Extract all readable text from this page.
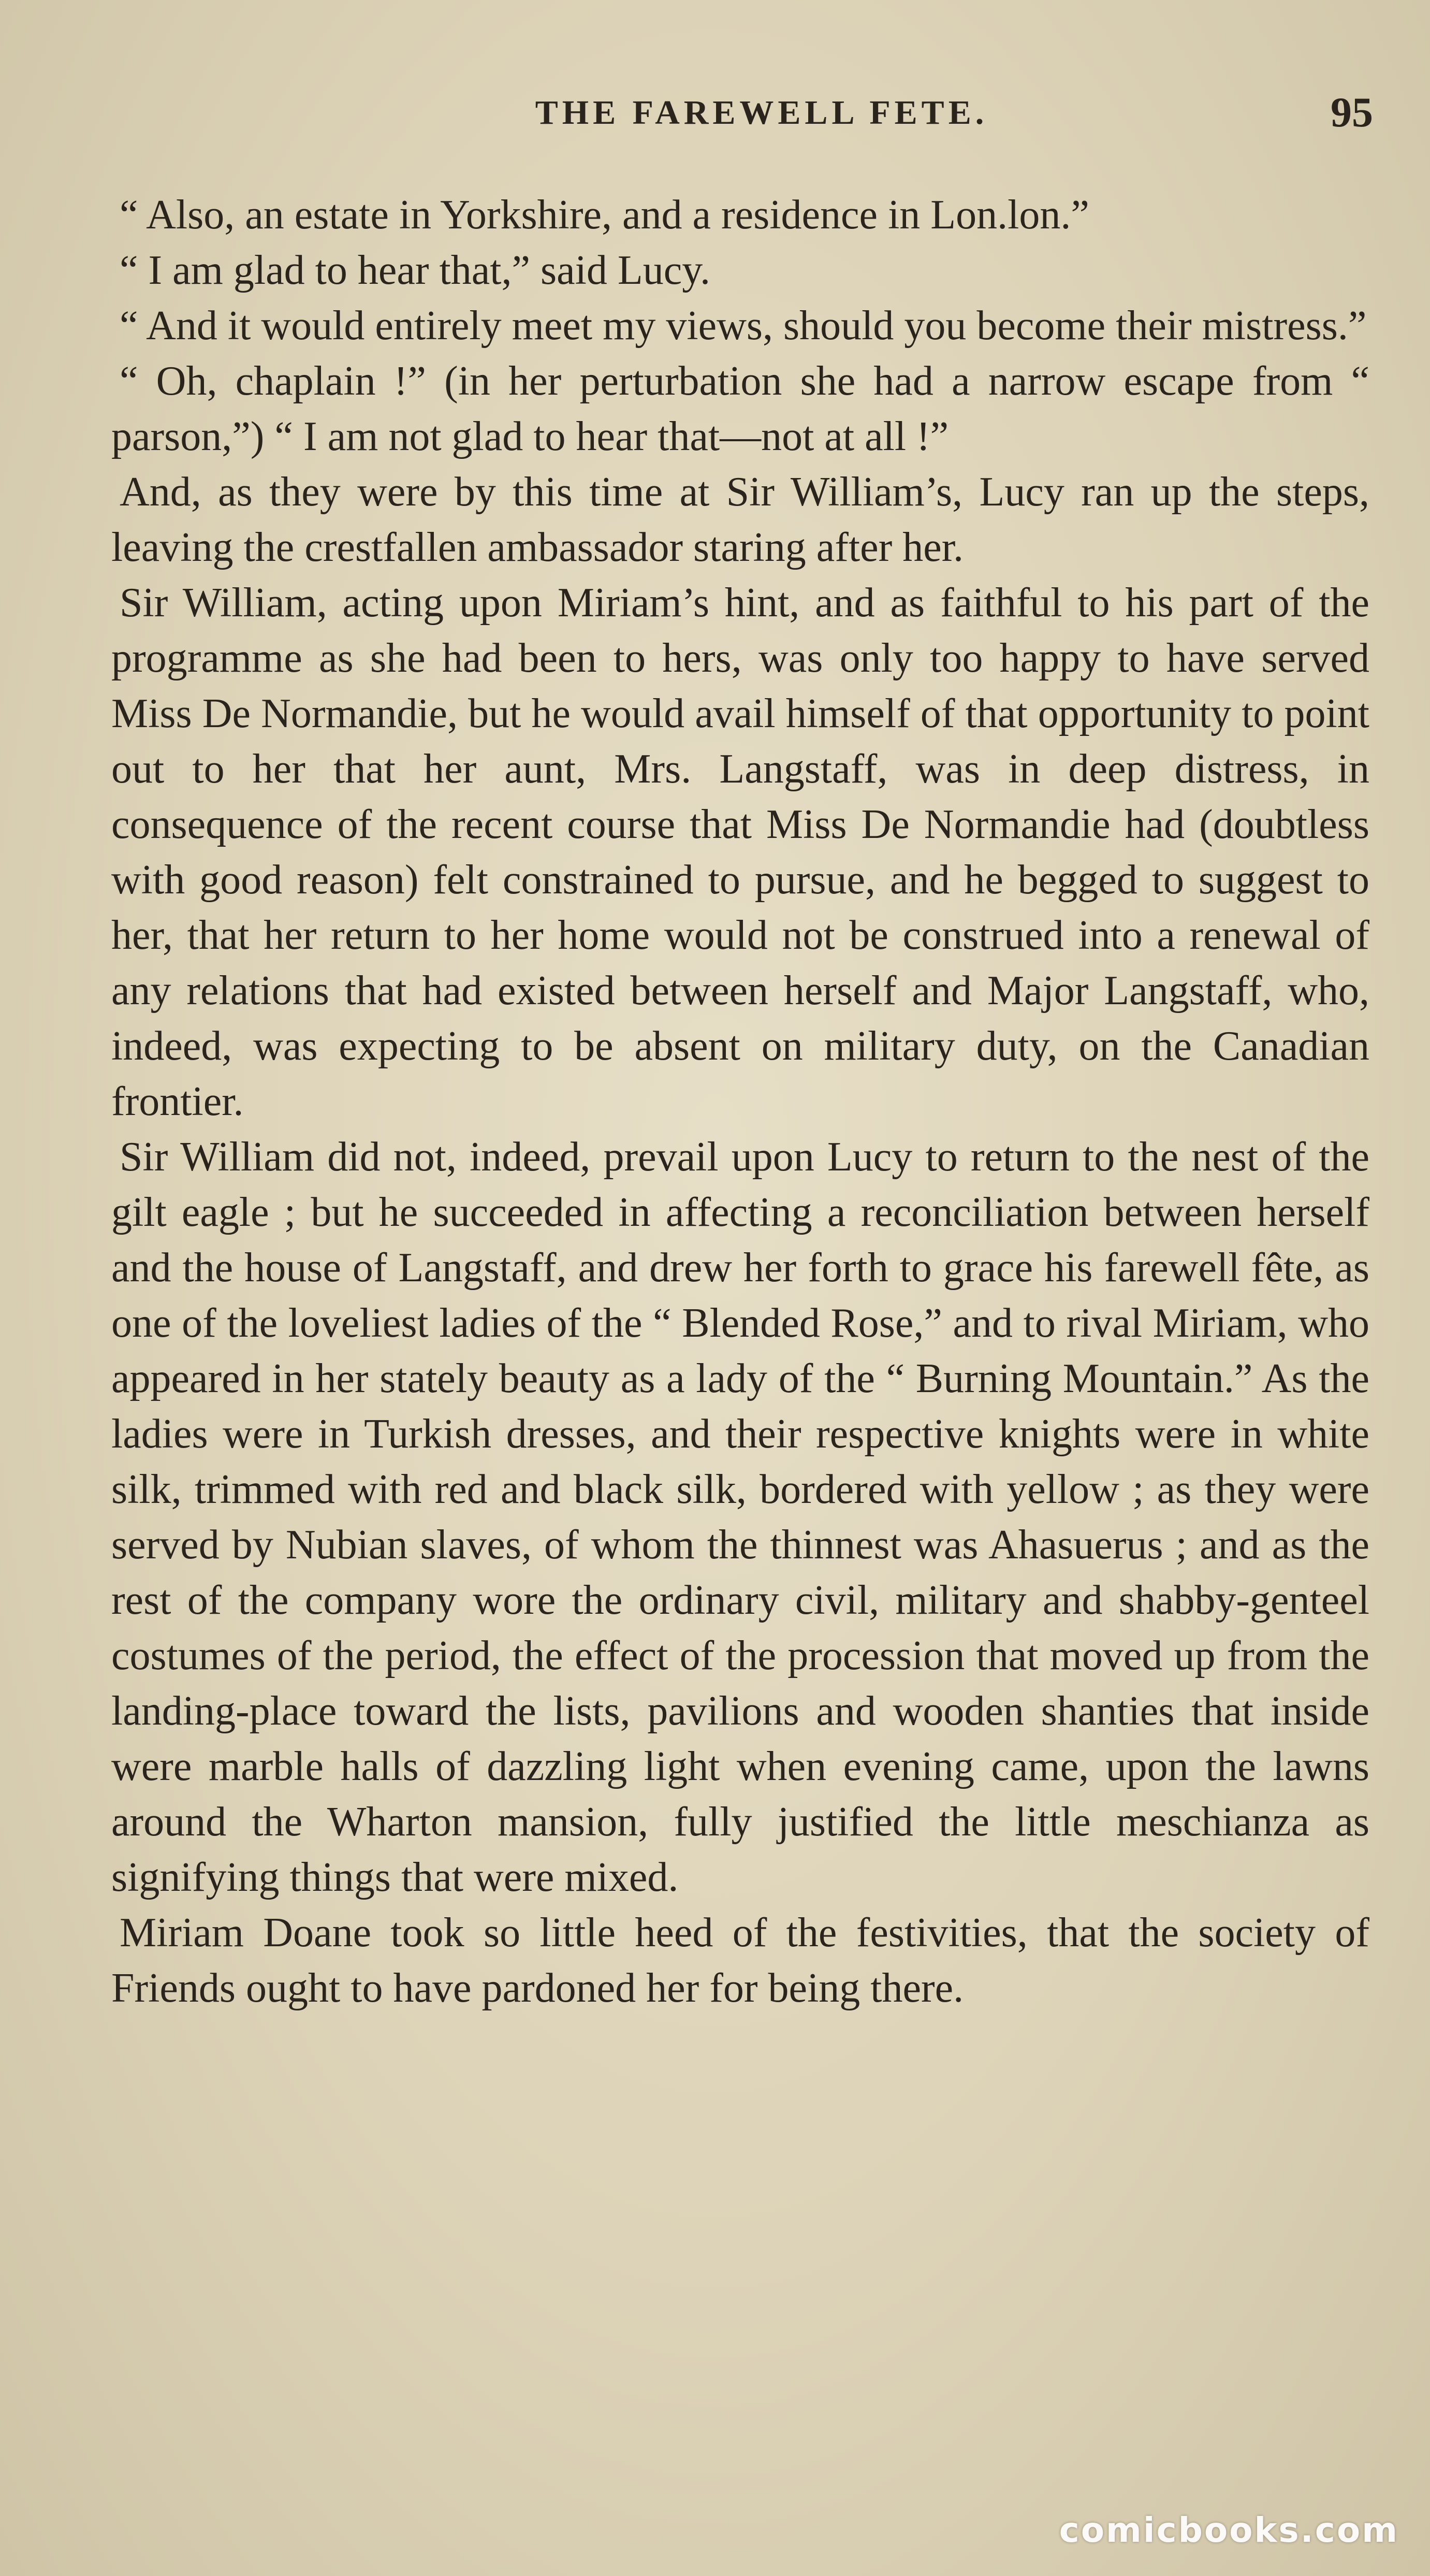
THE FAREWELL FETE.	95

“ Also, an estate in Yorkshire, and a residence in Lon.lon.”

“ I am glad to hear that,” said Lucy.

“ And it would entirely meet my views, should you become their mistress.”

“ Oh, chaplain !” (in her perturbation she had a narrow escape from “ parson,”) “ I am not glad to hear that—not at all !”

And, as they were by this time at Sir William’s, Lucy ran up the steps, leaving the crestfallen ambassador staring after her.

Sir William, acting upon Miriam’s hint, and as faithful to his part of the programme as she had been to hers, was only too happy to have served Miss De Normandie, but he would avail himself of that opportunity to point out to her that her aunt, Mrs. Langstaff, was in deep distress, in consequence of the recent course that Miss De Normandie had (doubtless with good reason) felt constrained to pursue, and he begged to suggest to her, that her return to her home would not be construed into a renewal of any relations that had existed between herself and Major Langstaff, who, indeed, was expecting to be absent on military duty, on the Canadian frontier.

Sir William did not, indeed, prevail upon Lucy to return to the nest of the gilt eagle ; but he succeeded in affecting a reconciliation between herself and the house of Langstaff, and drew her forth to grace his farewell fête, as one of the loveliest ladies of the “ Blended Rose,” and to rival Miriam, who appeared in her stately beauty as a lady of the “ Burning Mountain.” As the ladies were in Turkish dresses, and their respective knights were in white silk, trimmed with red and black silk, bordered with yellow ; as they were served by Nubian slaves, of whom the thinnest was Ahasuerus ; and as the rest of the company wore the ordinary civil, military and shabby-genteel costumes of the period, the effect of the procession that moved up from the landing-place toward the lists, pavilions and wooden shanties that inside were marble halls of dazzling light when evening came, upon the lawns around the Wharton mansion, fully justified the little meschianza as signifying things that were mixed.

Miriam Doane took so little heed of the festivities, that the society of Friends ought to have pardoned her for being there.

comicbooks.com
